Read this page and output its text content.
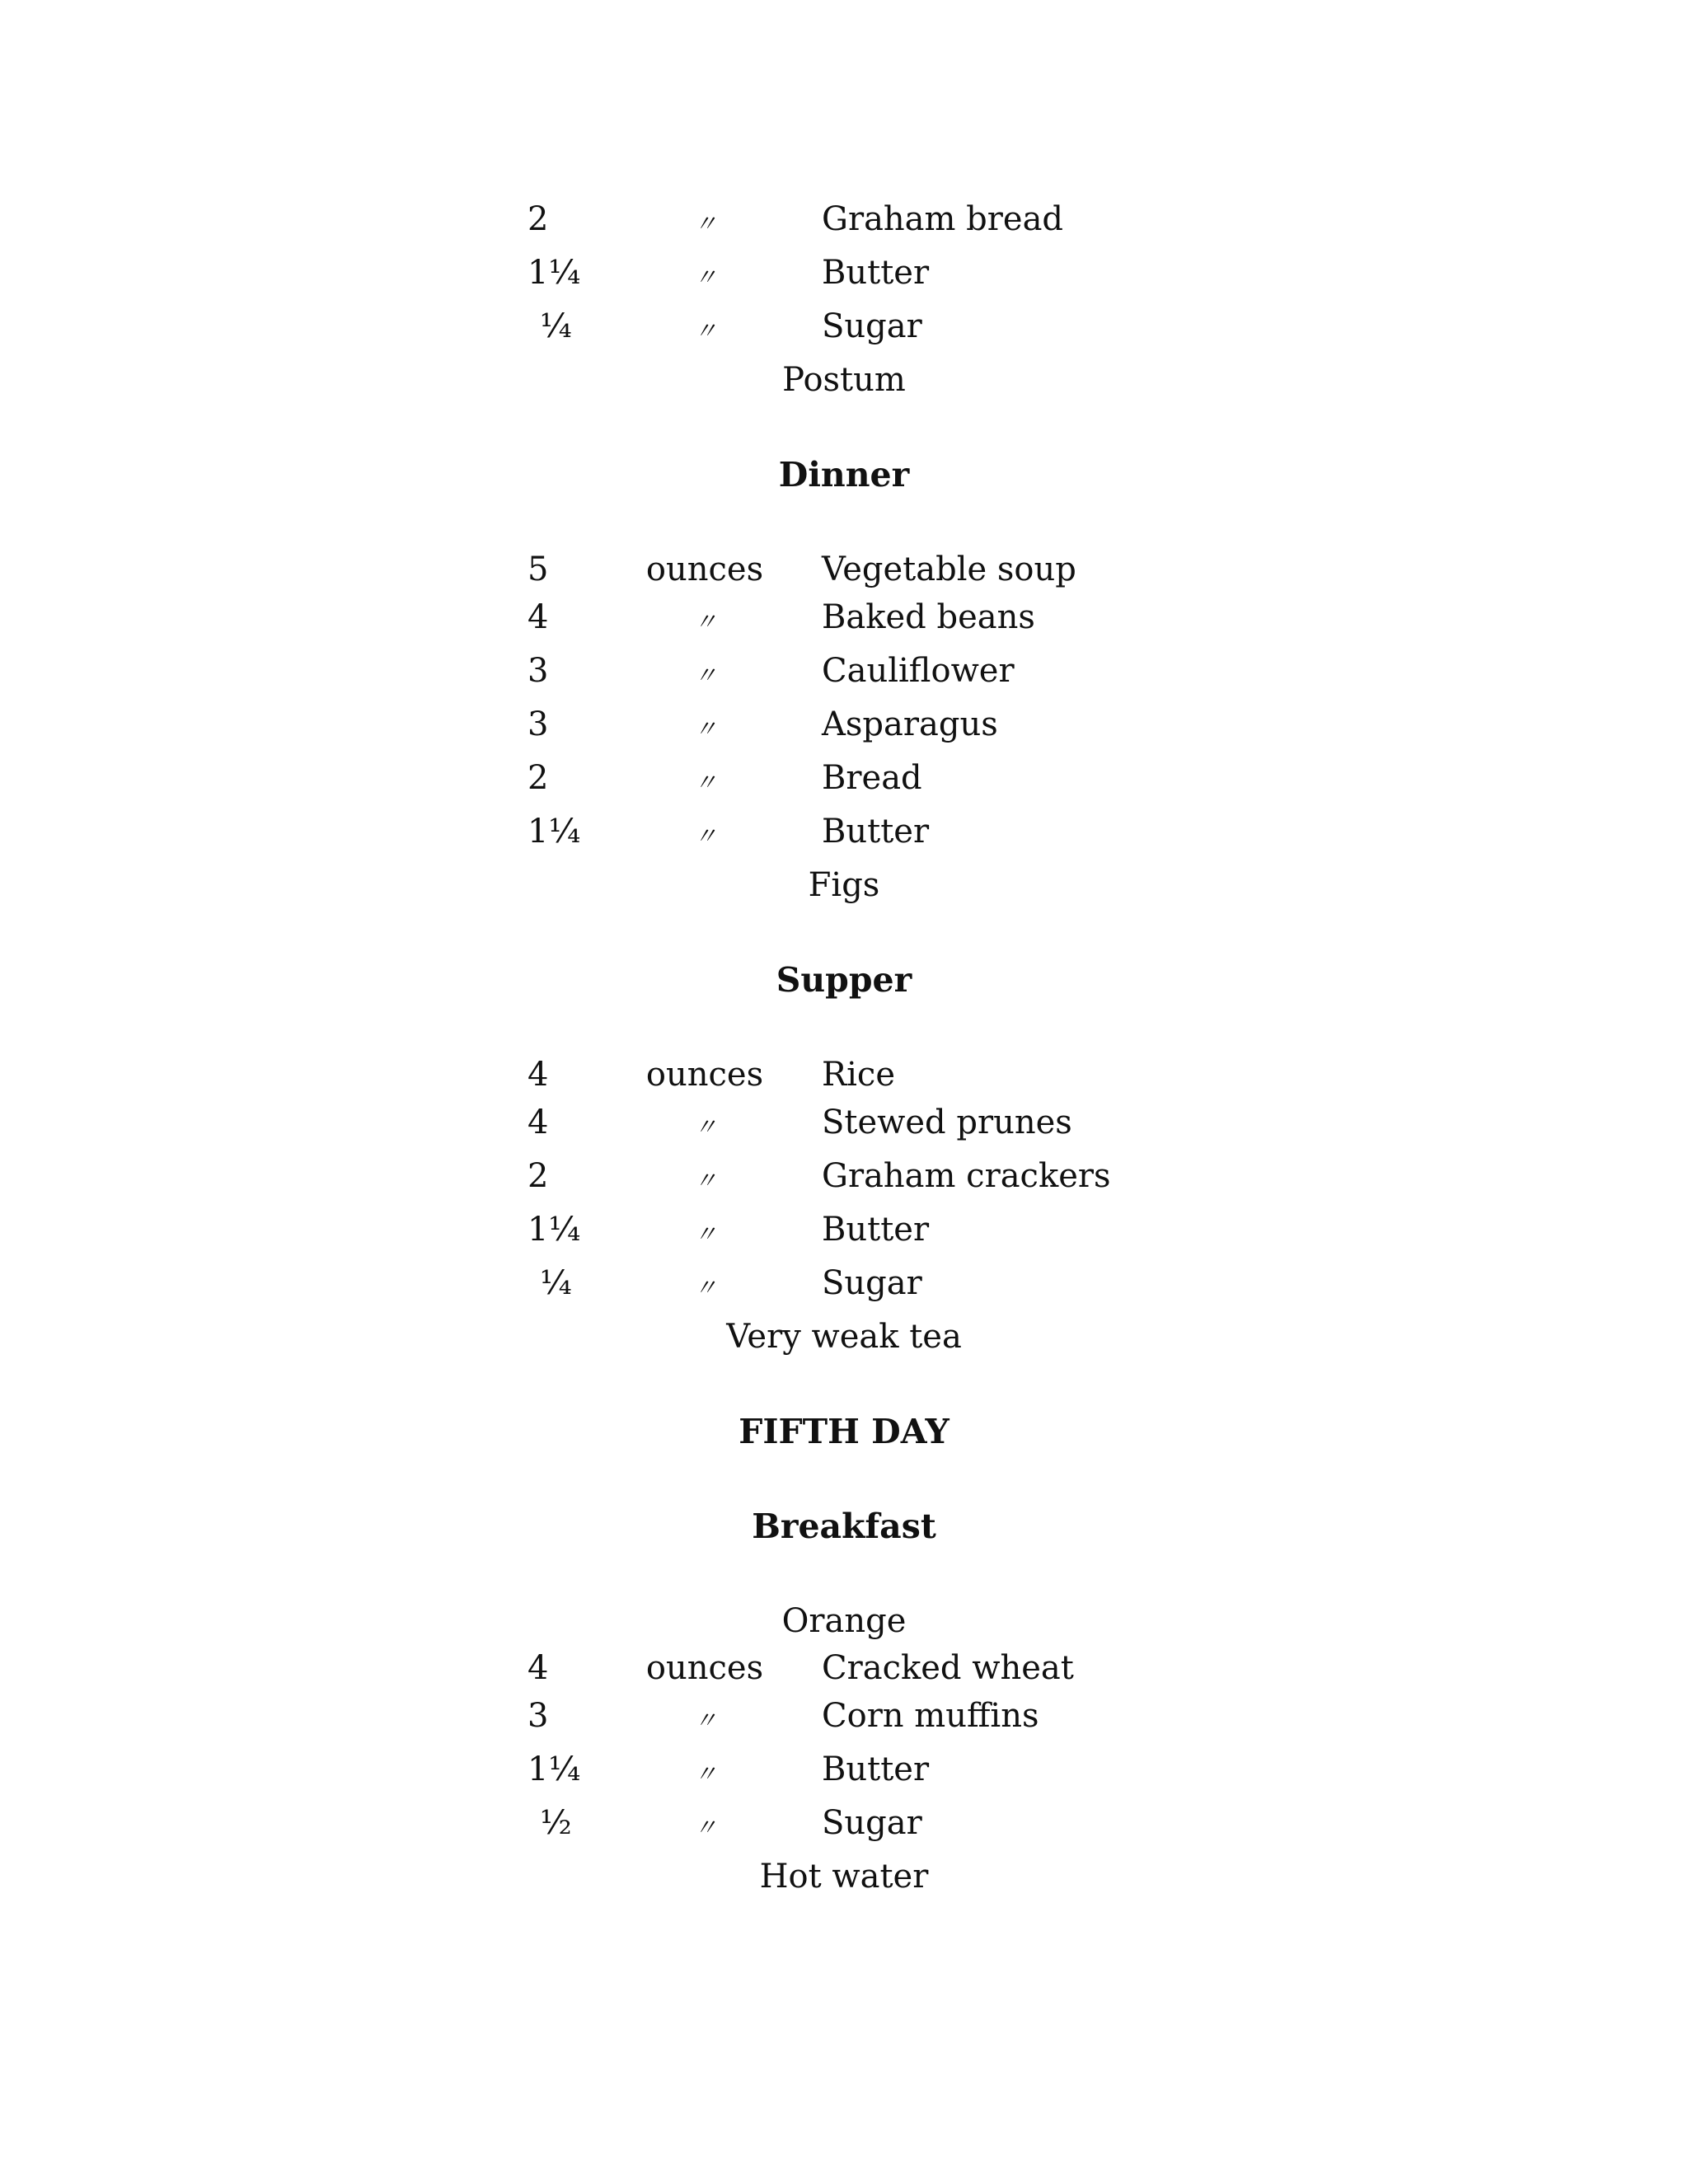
2	〃	Graham bread
1¼	〃	Butter
¼	〃	Sugar
Postum
Dinner
5	ounces	Vegetable soup
4	〃	Baked beans
3	〃	Cauliflower
3	〃	Asparagus
2	〃	Bread
1¼	〃	Butter
Figs
Supper
4	ounces	Rice
4	〃	Stewed prunes
2	〃	Graham crackers
1¼	〃	Butter
¼	〃	Sugar
Very weak tea
FIFTH DAY
Breakfast
Orange
4	ounces	Cracked wheat
3	〃	Corn muffins
1¼	〃	Butter
½	〃	Sugar
Hot water
